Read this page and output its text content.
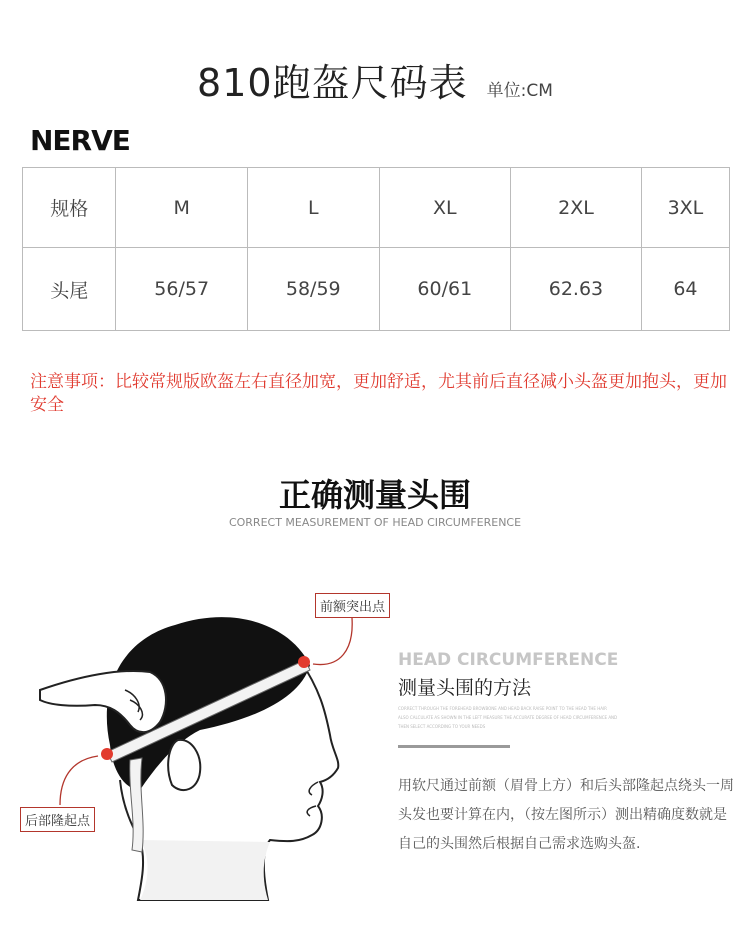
810跑盔尺码表 单位:CM
NERVE
规格	M	L	XL	2XL	3XL
头尾	56/57	58/59	60/61	62.63	64
注意事项：比较常规版欧盔左右直径加宽，更加舒适，尤其前后直径减小头盔更加抱头，更加安全
正确测量头围
CORRECT MEASUREMENT OF HEAD CIRCUMFERENCE
前额突出点
后部隆起点
HEAD CIRCUMFERENCE
测量头围的方法
CORRECT THROUGH THE FOREHEAD BROWBONE AND HEAD BACK RAISE POINT TO THE HEAD THE HAIR ALSO CALCULATE AS SHOWN IN THE LEFT MEASURE THE ACCURATE DEGREE OF HEAD CIRCUMFERENCE AND THEN SELECT ACCORDING TO YOUR NEEDS
用软尺通过前额（眉骨上方）和后头部隆起点绕头一周头发也要计算在内，（按左图所示）测出精确度数就是自己的头围然后根据自己需求选购头盔.
